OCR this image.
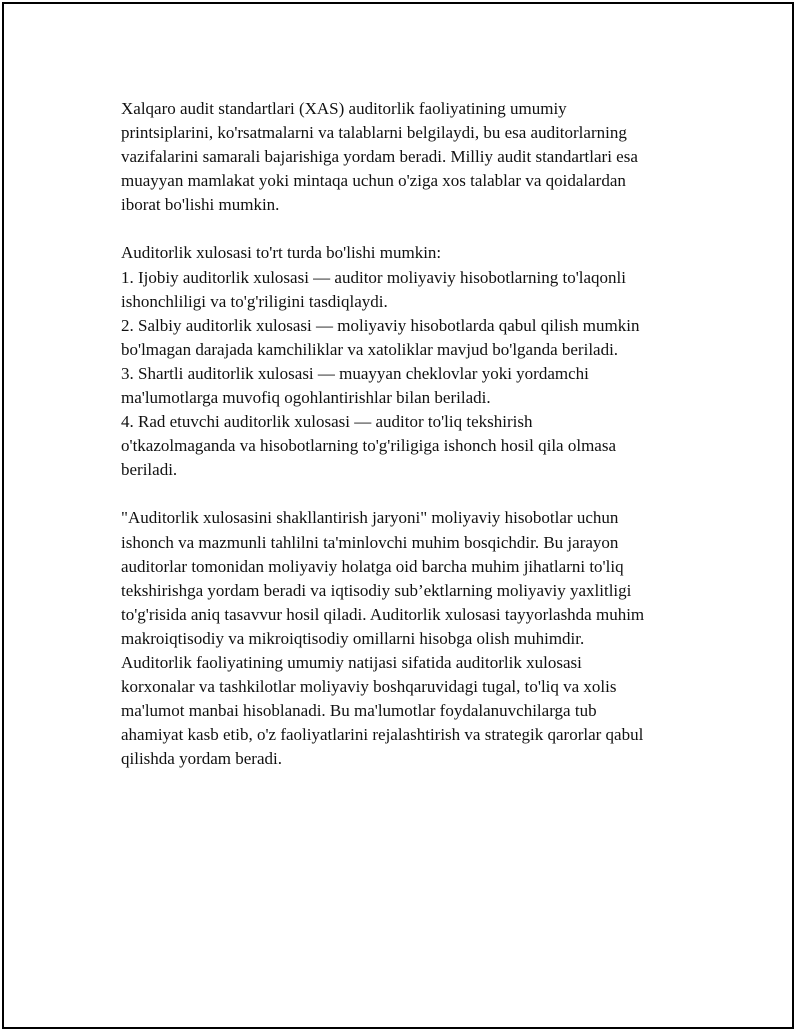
Xalqaro audit standartlari (XAS) auditorlik faoliyatining umumiy
printsiplarini, ko'rsatmalarni va talablarni belgilaydi, bu esa auditorlarning
vazifalarini samarali bajarishiga yordam beradi. Milliy audit standartlari esa
muayyan mamlakat yoki mintaqa uchun o'ziga xos talablar va qoidalardan
iborat bo'lishi mumkin.

Auditorlik xulosasi to'rt turda bo'lishi mumkin:
1. Ijobiy auditorlik xulosasi — auditor moliyaviy hisobotlarning to'laqonli
ishonchliligi va to'g'riligini tasdiqlaydi.
2. Salbiy auditorlik xulosasi — moliyaviy hisobotlarda qabul qilish mumkin
bo'lmagan darajada kamchiliklar va xatoliklar mavjud bo'lganda beriladi.
3. Shartli auditorlik xulosasi — muayyan cheklovlar yoki yordamchi
ma'lumotlarga muvofiq ogohlantirishlar bilan beriladi.
4. Rad etuvchi auditorlik xulosasi — auditor to'liq tekshirish
o'tkazolmaganda va hisobotlarning to'g'riligiga ishonch hosil qila olmasa
beriladi.

"Auditorlik xulosasini shakllantirish jaryoni" moliyaviy hisobotlar uchun
ishonch va mazmunli tahlilni ta'minlovchi muhim bosqichdir. Bu jarayon
auditorlar tomonidan moliyaviy holatga oid barcha muhim jihatlarni to'liq
tekshirishga yordam beradi va iqtisodiy sub’ektlarning moliyaviy yaxlitligi
to'g'risida aniq tasavvur hosil qiladi. Auditorlik xulosasi tayyorlashda muhim
makroiqtisodiy va mikroiqtisodiy omillarni hisobga olish muhimdir.
Auditorlik faoliyatining umumiy natijasi sifatida auditorlik xulosasi
korxonalar va tashkilotlar moliyaviy boshqaruvidagi tugal, to'liq va xolis
ma'lumot manbai hisoblanadi. Bu ma'lumotlar foydalanuvchilarga tub
ahamiyat kasb etib, o'z faoliyatlarini rejalashtirish va strategik qarorlar qabul
qilishda yordam beradi.
